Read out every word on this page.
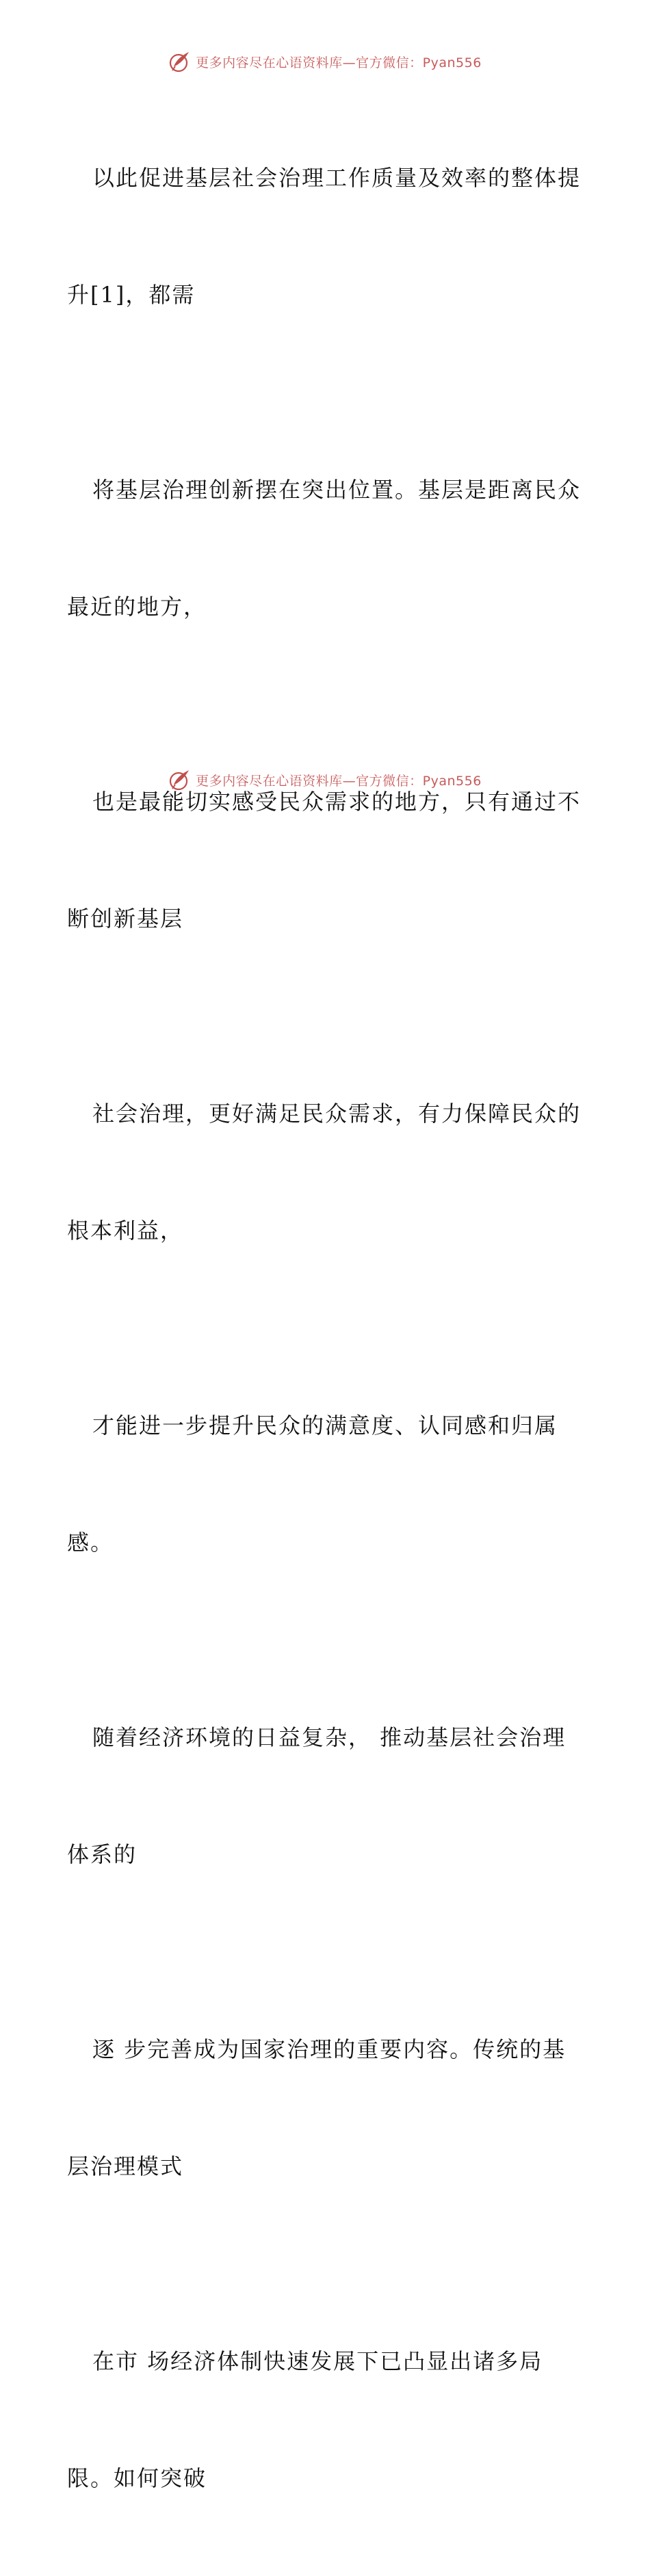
更多内容尽在心语资料库—官方微信：Pyan556

以此促进基层社会治理工作质量及效率的整体提

升[1]，都需

将基层治理创新摆在突出位置。基层是距离民众

最近的地方，

也是最能切实感受民众需求的地方，只有通过不

断创新基层

社会治理，更好满足民众需求，有力保障民众的

根本利益，

才能进一步提升民众的满意度、认同感和归属

感。

随着经济环境的日益复杂， 推动基层社会治理

体系的

逐 步完善成为国家治理的重要内容。传统的基

层治理模式

在市 场经济体制快速发展下已凸显出诸多局

限。如何突破

更多内容尽在心语资料库—官方微信：Pyan556
